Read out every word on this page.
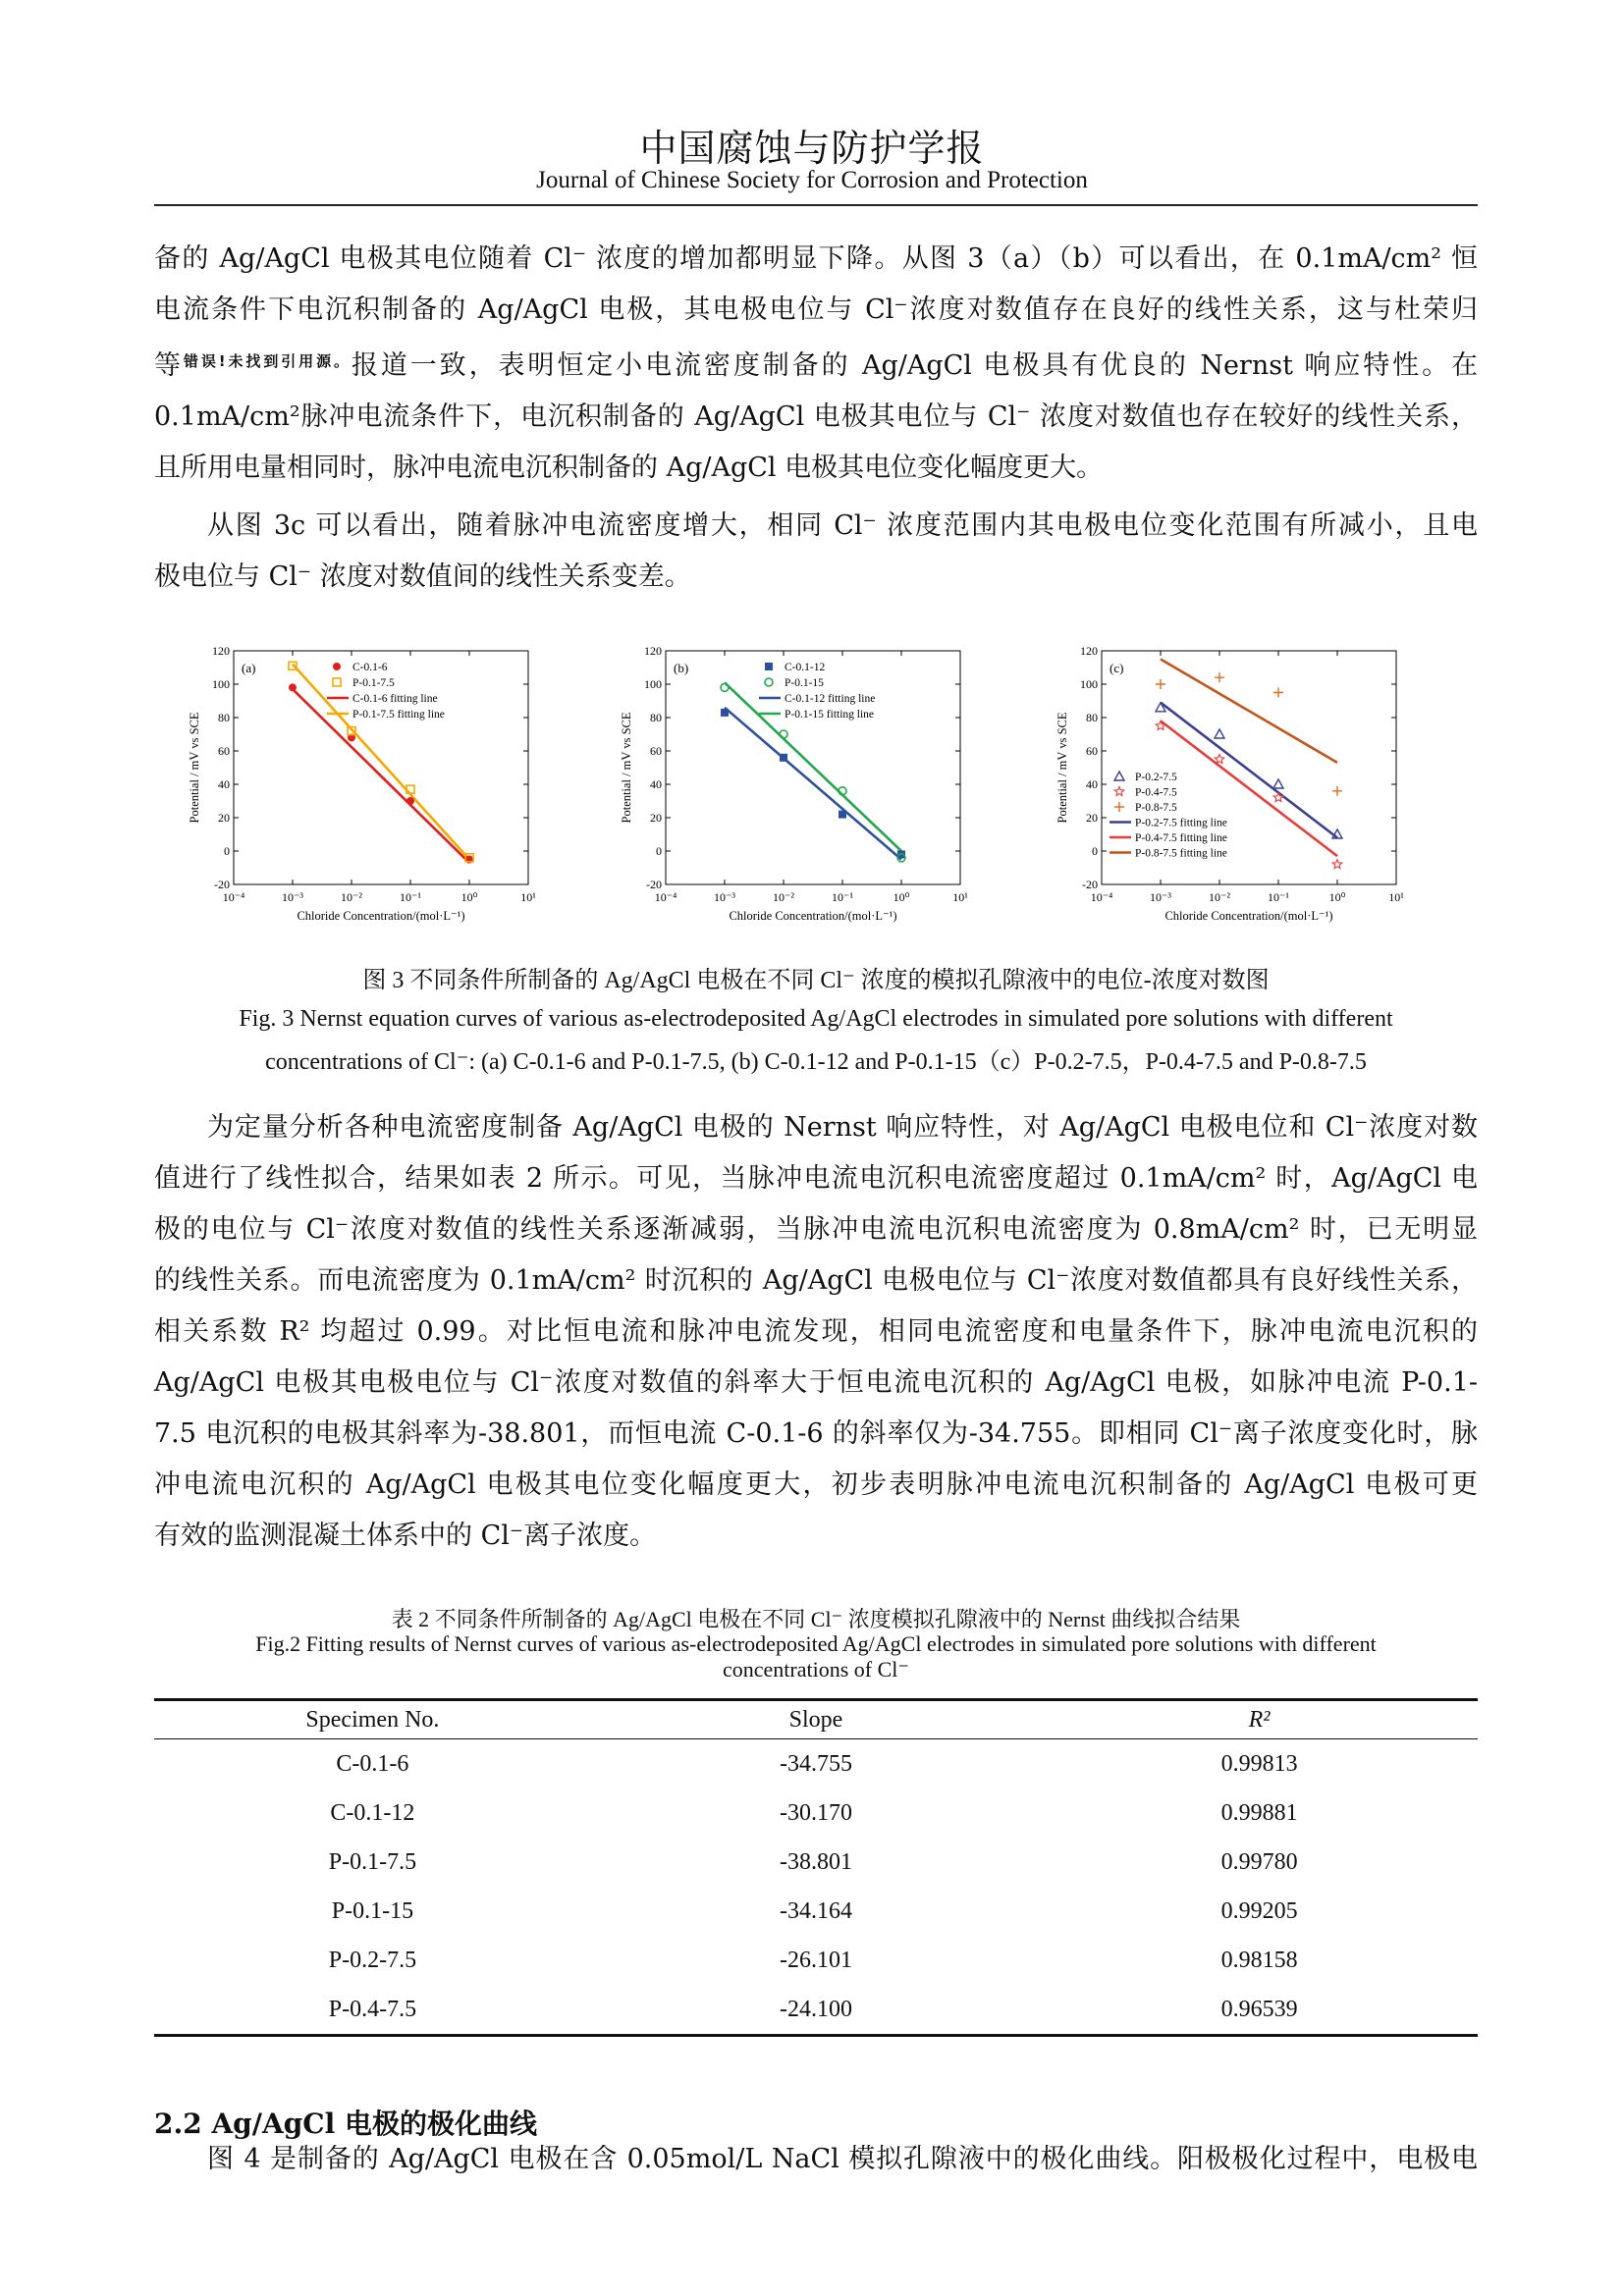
中国腐蚀与防护学报
Journal of Chinese Society for Corrosion and Protection
备的 Ag/AgCl 电极其电位随着 Cl⁻ 浓度的增加都明显下降。从图 3（a）（b）可以看出，在 0.1mA/cm² 恒
电流条件下电沉积制备的 Ag/AgCl 电极，其电极电位与 Cl⁻浓度对数值存在良好的线性关系，这与杜荣归
等$^{错误!未找到引用源。}$报道一致，表明恒定小电流密度制备的 Ag/AgCl 电极具有优良的 Nernst 响应特性。在
0.1mA/cm²脉冲电流条件下，电沉积制备的 Ag/AgCl 电极其电位与 Cl⁻ 浓度对数值也存在较好的线性关系，
且所用电量相同时，脉冲电流电沉积制备的 Ag/AgCl 电极其电位变化幅度更大。
从图 3c 可以看出，随着脉冲电流密度增大，相同 Cl⁻ 浓度范围内其电极电位变化范围有所减小，且电
极电位与 Cl⁻ 浓度对数值间的线性关系变差。
-20
0
20
40
60
80
100
120
10⁻⁴	10⁻³	10⁻²	10⁻¹	10⁰	10¹
Chloride Concentration/(mol·L⁻¹)
Potential / mV vs SCE
(a)	C-0.1-6
P-0.1-7.5
C-0.1-6 fitting line
P-0.1-7.5 fitting line
-20
0
20
40
60
80
100
120
10⁻⁴	10⁻³	10⁻²	10⁻¹	10⁰	10¹
Chloride Concentration/(mol·L⁻¹)
Potential / mV vs SCE
(b)	C-0.1-12
P-0.1-15
C-0.1-12 fitting line
P-0.1-15 fitting line
-20
0
20
40
60
80
100
120
10⁻⁴	10⁻³	10⁻²	10⁻¹	10⁰	10¹
Chloride Concentration/(mol·L⁻¹)
Potential / mV vs SCE
(c)
P-0.2-7.5
P-0.4-7.5
P-0.8-7.5
P-0.2-7.5 fitting line
P-0.4-7.5 fitting line
P-0.8-7.5 fitting line
图 3 不同条件所制备的 Ag/AgCl 电极在不同 Cl⁻ 浓度的模拟孔隙液中的电位-浓度对数图
Fig. 3 Nernst equation curves of various as-electrodeposited Ag/AgCl electrodes in simulated pore solutions with different
concentrations of Cl⁻: (a) C-0.1-6 and P-0.1-7.5, (b) C-0.1-12 and P-0.1-15（c）P-0.2-7.5，P-0.4-7.5 and P-0.8-7.5
为定量分析各种电流密度制备 Ag/AgCl 电极的 Nernst 响应特性，对 Ag/AgCl 电极电位和 Cl⁻浓度对数
值进行了线性拟合，结果如表 2 所示。可见，当脉冲电流电沉积电流密度超过 0.1mA/cm² 时，Ag/AgCl 电
极的电位与 Cl⁻浓度对数值的线性关系逐渐减弱，当脉冲电流电沉积电流密度为 0.8mA/cm² 时，已无明显
的线性关系。而电流密度为 0.1mA/cm² 时沉积的 Ag/AgCl 电极电位与 Cl⁻浓度对数值都具有良好线性关系，
相关系数 R² 均超过 0.99。对比恒电流和脉冲电流发现，相同电流密度和电量条件下，脉冲电流电沉积的
Ag/AgCl 电极其电极电位与 Cl⁻浓度对数值的斜率大于恒电流电沉积的 Ag/AgCl 电极，如脉冲电流 P-0.1-
7.5 电沉积的电极其斜率为-38.801，而恒电流 C-0.1-6 的斜率仅为-34.755。即相同 Cl⁻离子浓度变化时，脉
冲电流电沉积的 Ag/AgCl 电极其电位变化幅度更大，初步表明脉冲电流电沉积制备的 Ag/AgCl 电极可更
有效的监测混凝土体系中的 Cl⁻离子浓度。
表 2 不同条件所制备的 Ag/AgCl 电极在不同 Cl⁻ 浓度模拟孔隙液中的 Nernst 曲线拟合结果
Fig.2 Fitting results of Nernst curves of various as-electrodeposited Ag/AgCl electrodes in simulated pore solutions with different
concentrations of Cl⁻
Specimen No.	Slope	R²
C-0.1-6	-34.755	0.99813
C-0.1-12	-30.170	0.99881
P-0.1-7.5	-38.801	0.99780
P-0.1-15	-34.164	0.99205
P-0.2-7.5	-26.101	0.98158
P-0.4-7.5	-24.100	0.96539
2.2 Ag/AgCl 电极的极化曲线
图 4 是制备的 Ag/AgCl 电极在含 0.05mol/L NaCl 模拟孔隙液中的极化曲线。阳极极化过程中，电极电
